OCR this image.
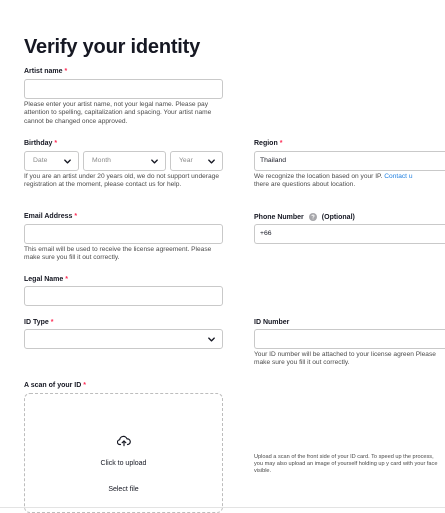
Verify your identity
Artist name *
Please enter your artist name, not your legal name. Please pay attention to spelling, capitalization and spacing. Your artist name cannot be changed once approved.
Birthday *
Date	Month	Year
If you are an artist under 20 years old, we do not support underage registration at the moment, please contact us for help.
Region *
Thailand
We recognize the location based on your IP. Contact u
there are questions about location.
Email Address *
This email will be used to receive the license agreement. Please make sure you fill it out correctly.
Phone Number	(Optional)
+66
Legal Name *
ID Type *	ID Number
Your ID number will be attached to your license agreen Please make sure you fill it out correctly.
A scan of your ID *
Click to upload
Select file
Upload a scan of the front side of your ID card. To speed up the process, you may also upload an image of yourself holding up y card with your face visible.
